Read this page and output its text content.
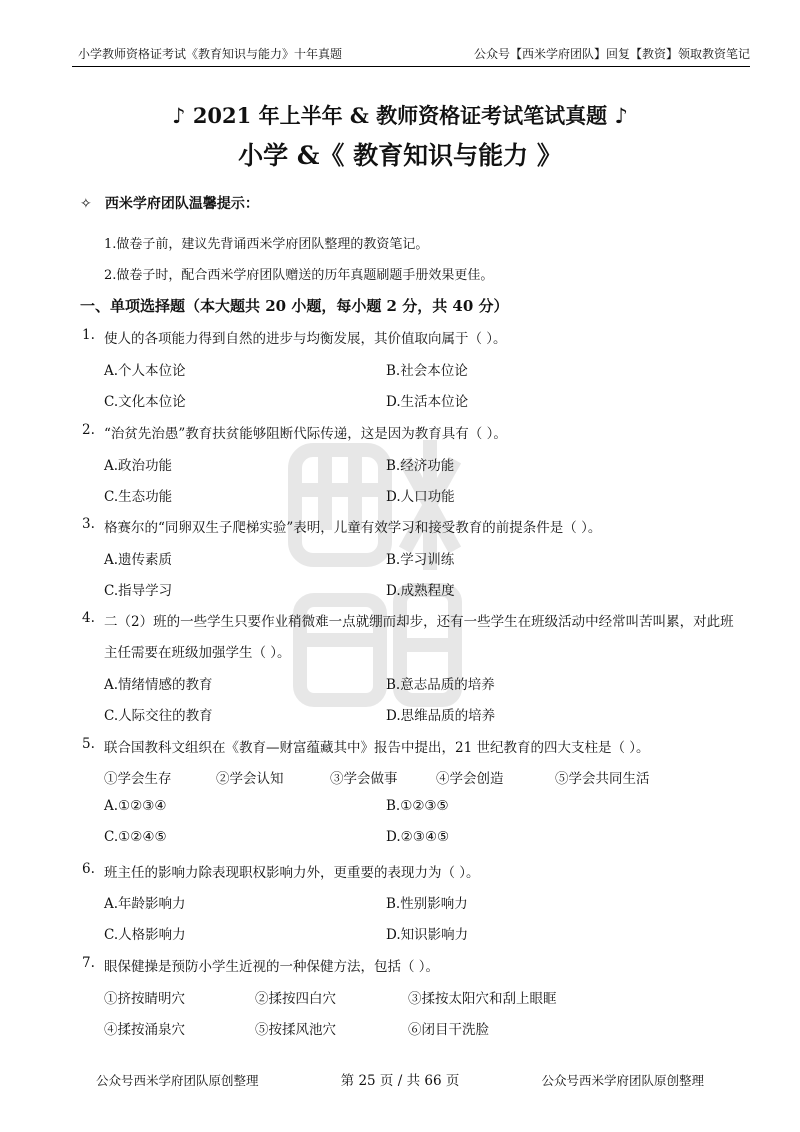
小学教师资格证考试《教育知识与能力》十年真题	公众号【西米学府团队】回复【教资】领取教资笔记
♪ 2021 年上半年 & 教师资格证考试笔试真题 ♪
小学 &《 教育知识与能力 》
✧ 西米学府团队温馨提示：
1.做卷子前，建议先背诵西米学府团队整理的教资笔记。
2.做卷子时，配合西米学府团队赠送的历年真题刷题手册效果更佳。
一、单项选择题（本大题共 20 小题，每小题 2 分，共 40 分）
1. 使人的各项能力得到自然的进步与均衡发展，其价值取向属于（ ）。
A.个人本位论	B.社会本位论
C.文化本位论	D.生活本位论
2. “治贫先治愚”教育扶贫能够阻断代际传递，这是因为教育具有（ ）。
A.政治功能	B.经济功能
C.生态功能	D.人口功能
3. 格赛尔的“同卵双生子爬梯实验”表明，儿童有效学习和接受教育的前提条件是（ ）。
A.遗传素质	B.学习训练
C.指导学习	D.成熟程度
4. 二（2）班的一些学生只要作业稍微难一点就绷而却步，还有一些学生在班级活动中经常叫苦叫累，对此班
主任需要在班级加强学生（ ）。
A.情绪情感的教育	B.意志品质的培养
C.人际交往的教育	D.思维品质的培养
5. 联合国教科文组织在《教育—财富蕴藏其中》报告中提出，21 世纪教育的四大支柱是（ ）。
①学会生存	②学会认知	③学会做事	④学会创造	⑤学会共同生活
A.①②③④	B.①②③⑤
C.①②④⑤	D.②③④⑤
6. 班主任的影响力除表现职权影响力外，更重要的表现力为（ ）。
A.年龄影响力	B.性别影响力
C.人格影响力	D.知识影响力
7. 眼保健操是预防小学生近视的一种保健方法，包括（ ）。
①挤按睛明穴	②揉按四白穴	③揉按太阳穴和刮上眼眶
④揉按涌泉穴	⑤按揉风池穴	⑥闭目干洗脸
公众号西米学府团队原创整理	第 25 页 / 共 66 页	公众号西米学府团队原创整理
